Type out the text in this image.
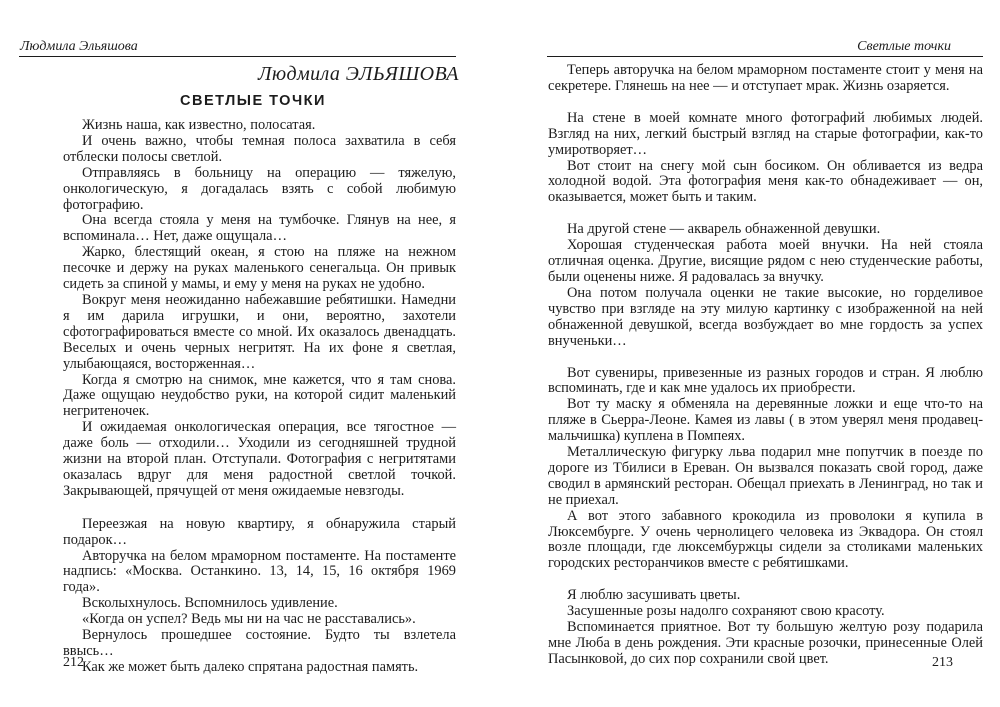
Людмила Эльяшова
Людмила ЭЛЬЯШОВА
СВЕТЛЫЕ ТОЧКИ

Жизнь наша, как известно, полосатая.

И очень важно, чтобы темная полоса захватила в себя отблески полосы светлой.

Отправляясь в больницу на операцию — тяжелую, онкологическую, я догадалась взять с собой любимую фотографию.

Она всегда стояла у меня на тумбочке. Глянув на нее, я вспоминала… Нет, даже ощущала…

Жарко, блестящий океан, я стою на пляже на нежном песочке и держу на руках маленького сенегальца. Он привык сидеть за спиной у мамы, и ему у меня на руках не удобно.

Вокруг меня неожиданно набежавшие ребятишки. Намедни я им дарила игрушки, и они, вероятно, захотели сфотографироваться вместе со мной. Их оказалось двенадцать. Веселых и очень черных негритят. На их фоне я светлая, улыбающаяся, восторженная…

Когда я смотрю на снимок, мне кажется, что я там снова. Даже ощущаю неудобство руки, на которой сидит маленький негритеночек.

И ожидаемая онкологическая операция, все тягостное — даже боль — отходили… Уходили из сегодняшней трудной жизни на второй план. Отступали. Фотография с негритятами оказалась вдруг для меня радостной светлой точкой. Закрывающей, прячущей от меня ожидаемые невзгоды.

Переезжая на новую квартиру, я обнаружила старый подарок…

Авторучка на белом мраморном постаменте. На постаменте надпись: «Москва. Останкино. 13, 14, 15, 16 октября 1969 года».

Всколыхнулось. Вспомнилось удивление.

«Когда он успел? Ведь мы ни на час не расставались».

Вернулось прошедшее состояние. Будто ты взлетела ввысь…

Как же может быть далеко спрятана радостная память.

212
Светлые точки

Теперь авторучка на белом мраморном постаменте стоит у меня на секретере. Глянешь на нее — и отступает мрак. Жизнь озаряется.

На стене в моей комнате много фотографий любимых людей. Взгляд на них, легкий быстрый взгляд на старые фотографии, как-то умиротворяет…

Вот стоит на снегу мой сын босиком. Он обливается из ведра холодной водой. Эта фотография меня как-то обнадеживает — он, оказывается, может быть и таким.

На другой стене — акварель обнаженной девушки.

Хорошая студенческая работа моей внучки. На ней стояла отличная оценка. Другие, висящие рядом с нею студенческие работы, были оценены ниже. Я радовалась за внучку.

Она потом получала оценки не такие высокие, но горделивое чувство при взгляде на эту милую картинку с изображенной на ней обнаженной девушкой, всегда возбуждает во мне гордость за успех внученьки…

Вот сувениры, привезенные из разных городов и стран. Я люблю вспоминать, где и как мне удалось их приобрести.

Вот ту маску я обменяла на деревянные ложки и еще что-то на пляже в Сьерра-Леоне. Камея из лавы ( в этом уверял меня продавец-мальчишка) куплена в Помпеях.

Металлическую фигурку льва подарил мне попутчик в поезде по дороге из Тбилиси в Ереван. Он вызвался показать свой город, даже сводил в армянский ресторан. Обещал приехать в Ленинград, но так и не приехал.

А вот этого забавного крокодила из проволоки я купила в Люксембурге. У очень чернолицего человека из Эквадора. Он стоял возле площади, где люксембуржцы сидели за столиками маленьких городских ресторанчиков вместе с ребятишками.

Я люблю засушивать цветы.

Засушенные розы надолго сохраняют свою красоту.

Вспоминается приятное. Вот ту большую желтую розу подарила мне Люба в день рождения. Эти красные розочки, принесенные Олей Пасынковой, до сих пор сохранили свой цвет.	213
